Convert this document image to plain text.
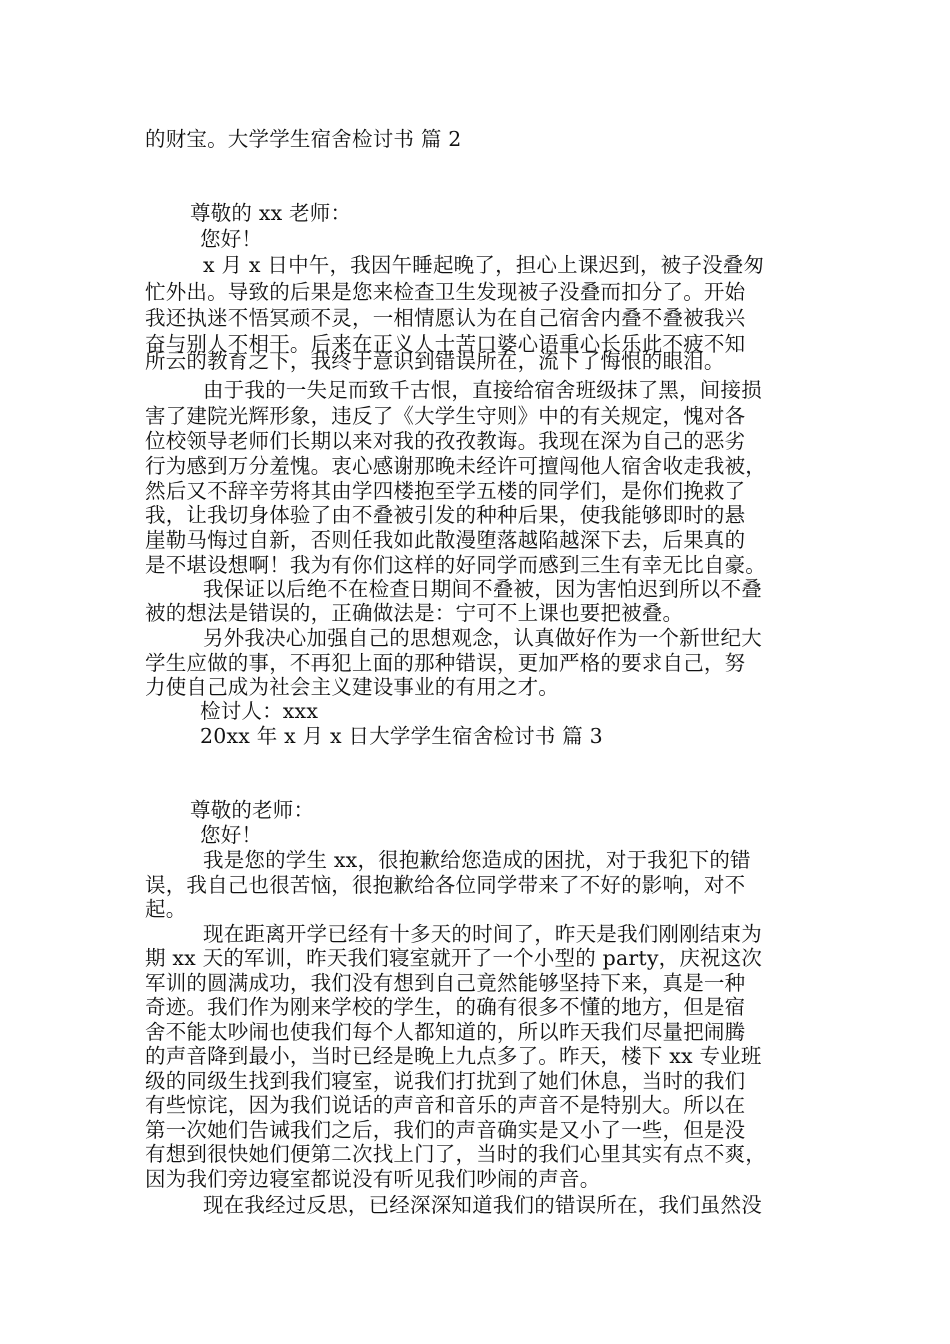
的财宝。大学学生宿舍检讨书 篇 2
尊敬的 xx 老师：
您好！
x 月 x 日中午，我因午睡起晚了，担心上课迟到，被子没叠匆
忙外出。导致的后果是您来检查卫生发现被子没叠而扣分了。开始
我还执迷不悟冥顽不灵，一相情愿认为在自己宿舍内叠不叠被我兴
奋与别人不相干。后来在正义人士苦口婆心语重心长乐此不疲不知
所云的教育之下，我终于意识到错误所在，流下了悔恨的眼泪。
由于我的一失足而致千古恨，直接给宿舍班级抹了黑，间接损
害了建院光辉形象，违反了《大学生守则》中的有关规定，愧对各
位校领导老师们长期以来对我的孜孜教诲。我现在深为自己的恶劣
行为感到万分羞愧。衷心感谢那晚未经许可擅闯他人宿舍收走我被，
然后又不辞辛劳将其由学四楼抱至学五楼的同学们，是你们挽救了
我，让我切身体验了由不叠被引发的种种后果，使我能够即时的悬
崖勒马悔过自新，否则任我如此散漫堕落越陷越深下去，后果真的
是不堪设想啊！我为有你们这样的好同学而感到三生有幸无比自豪。
我保证以后绝不在检查日期间不叠被，因为害怕迟到所以不叠
被的想法是错误的，正确做法是：宁可不上课也要把被叠。
另外我决心加强自己的思想观念，认真做好作为一个新世纪大
学生应做的事，不再犯上面的那种错误，更加严格的要求自己，努
力使自己成为社会主义建设事业的有用之才。
检讨人：xxx
20xx 年 x 月 x 日大学学生宿舍检讨书 篇 3
尊敬的老师：
您好！
我是您的学生 xx，很抱歉给您造成的困扰，对于我犯下的错
误，我自己也很苦恼，很抱歉给各位同学带来了不好的影响，对不
起。
现在距离开学已经有十多天的时间了，昨天是我们刚刚结束为
期 xx 天的军训，昨天我们寝室就开了一个小型的 party，庆祝这次
军训的圆满成功，我们没有想到自己竟然能够坚持下来，真是一种
奇迹。我们作为刚来学校的学生，的确有很多不懂的地方，但是宿
舍不能太吵闹也使我们每个人都知道的，所以昨天我们尽量把闹腾
的声音降到最小，当时已经是晚上九点多了。昨天，楼下 xx 专业班
级的同级生找到我们寝室，说我们打扰到了她们休息，当时的我们
有些惊诧，因为我们说话的声音和音乐的声音不是特别大。所以在
第一次她们告诫我们之后，我们的声音确实是又小了一些，但是没
有想到很快她们便第二次找上门了，当时的我们心里其实有点不爽，
因为我们旁边寝室都说没有听见我们吵闹的声音。
现在我经过反思，已经深深知道我们的错误所在，我们虽然没
